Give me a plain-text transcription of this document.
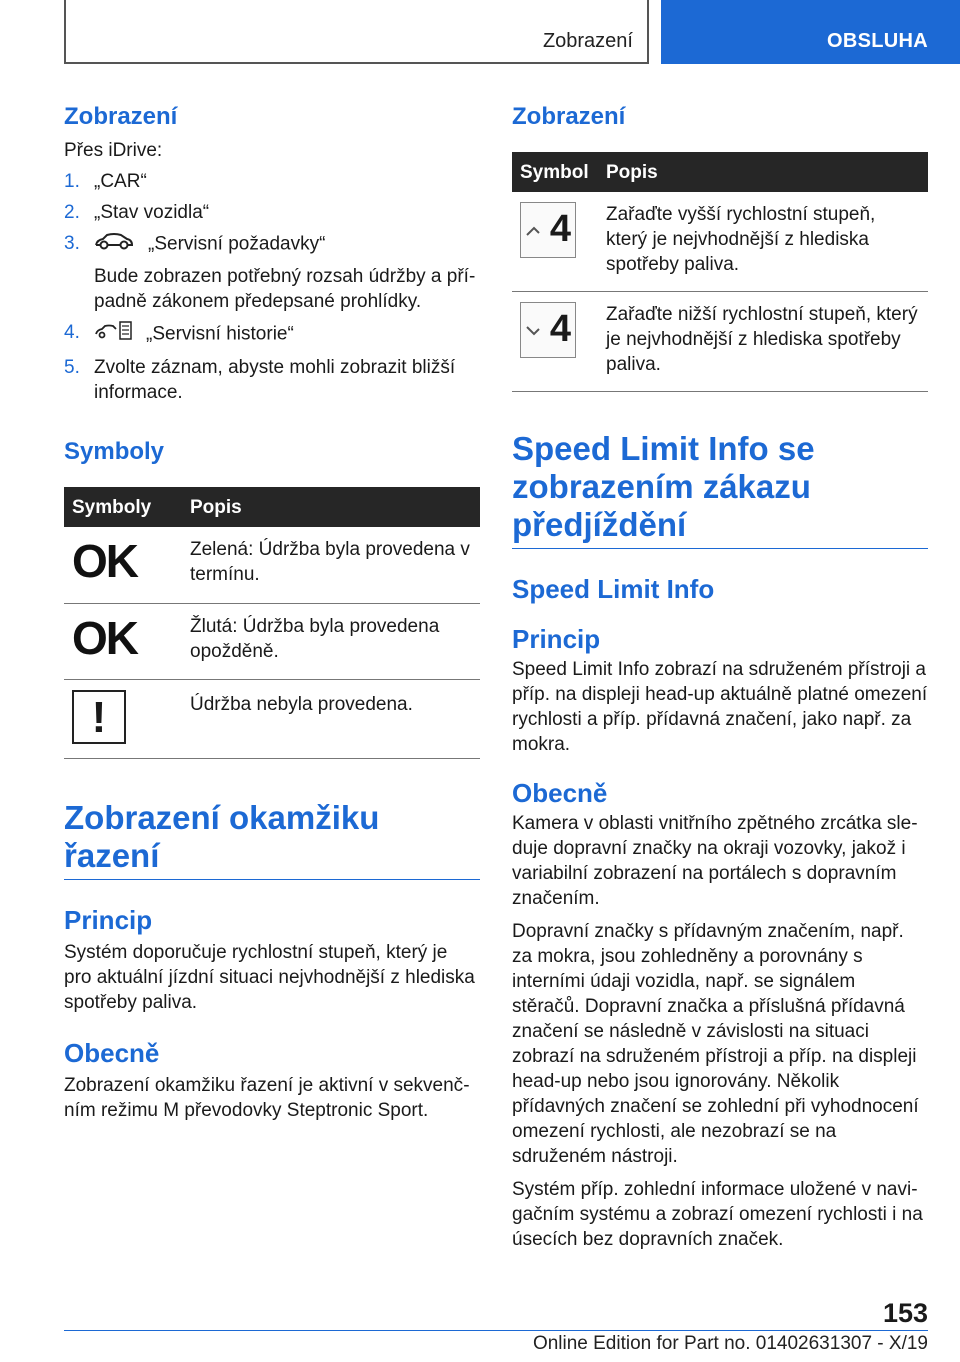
Zobrazení	OBSLUHA
Zobrazení

Přes iDrive:

1. „CAR“
2. „Stav vozidla“
3.	„Servisní požadavky“
Bude zobrazen potřebný rozsah údržby a případně zákonem předepsané prohlídky.
4.	„Servisní historie“
5. Zvolte záznam, abyste mohli zobrazit bližší informace.
Symboly
Symboly	Popis
OK	Zelená: Údržba byla provedena v termínu.
OK	Žlutá: Údržba byla provedena opožděně.

!	Údržba nebyla provedena.
Zobrazení okamžiku řazení
Princip

Systém doporučuje rychlostní stupeň, který je pro aktuální jízdní situaci nejvhodnější z hlediska spotřeby paliva.

Obecně

Zobrazení okamžiku řazení je aktivní v sekvenčním režimu M převodovky Steptronic Sport.

Zobrazení
Symbol	Popis

4	Zařaďte vyšší rychlostní stupeň, který je nejvhodnější z hlediska spotřeby paliva.

4	Zařaďte nižší rychlostní stupeň, který je nejvhodnější z hlediska spotřeby paliva.
Speed Limit Info se zobrazením zákazu předjíždění
Speed Limit Info
Princip

Speed Limit Info zobrazí na sdruženém přístroji a příp. na displeji head-up aktuálně platné omezení rychlosti a příp. přídavná značení, jako např. za mokra.

Obecně

Kamera v oblasti vnitřního zpětného zrcátka sleduje dopravní značky na okraji vozovky, jakož i variabilní zobrazení na portálech s dopravním značením.

Dopravní značky s přídavným značením, např. za mokra, jsou zohledněny a porovnány s interními údaji vozidla, např. se signálem stěračů. Dopravní značka a příslušná přídavná značení se následně v závislosti na situaci zobrazí na sdruženém přístroji a příp. na displeji head-up nebo jsou ignorovány. Několik přídavných značení se zohlední při vyhodnocení omezení rychlosti, ale nezobrazí se na sdruženém nástroji.

Systém příp. zohlední informace uložené v navigačním systému a zobrazí omezení rychlosti i na úsecích bez dopravních značek.

153
Online Edition for Part no. 01402631307 - X/19
